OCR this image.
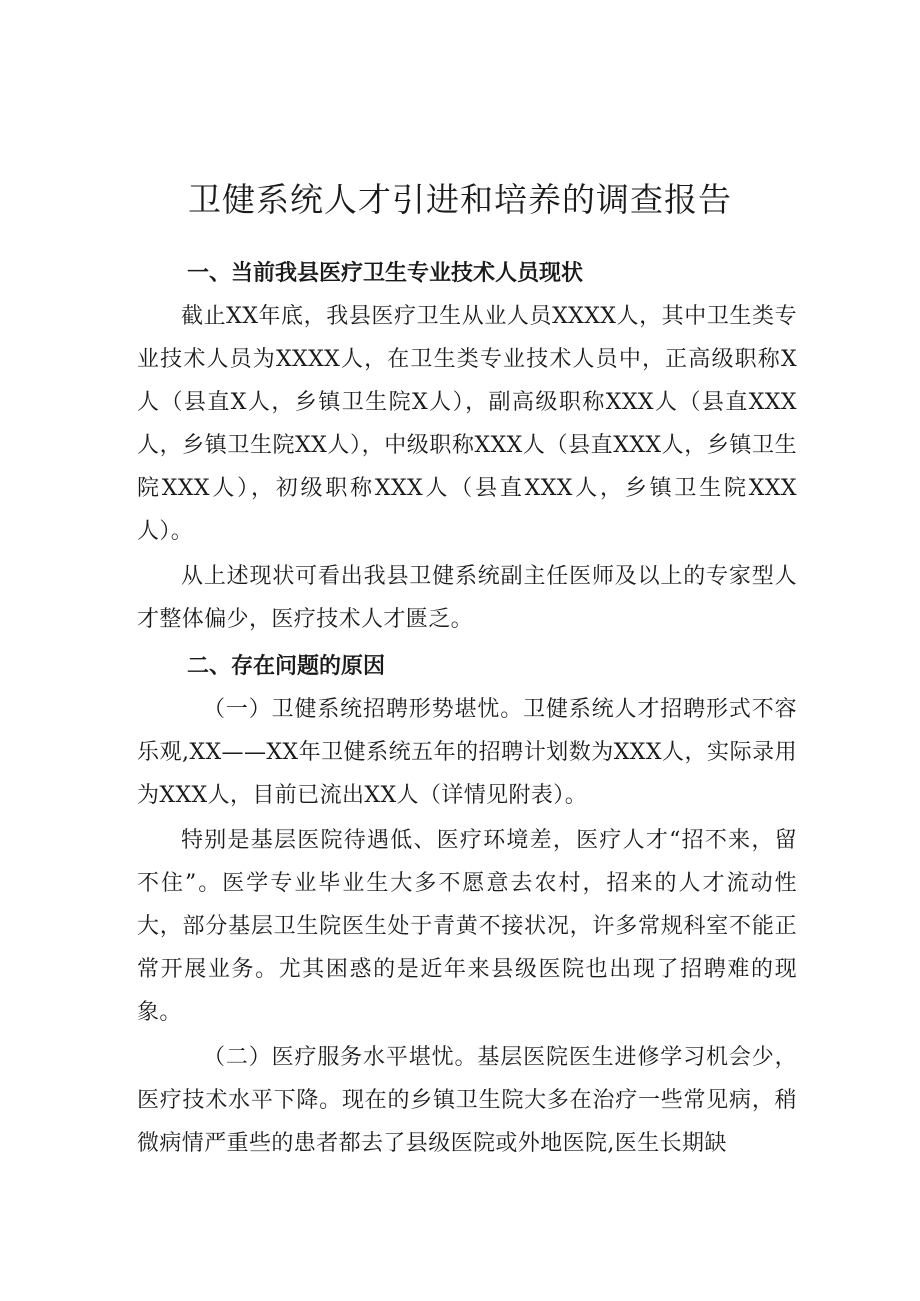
卫健系统人才引进和培养的调查报告
一、当前我县医疗卫生专业技术人员现状

截止XX年底，我县医疗卫生从业人员XXXX人，其中卫生类专业技术人员为XXXX人，在卫生类专业技术人员中，正高级职称X人（县直X人，乡镇卫生院X人），副高级职称XXX人（县直XXX人，乡镇卫生院XX人），中级职称XXX人（县直XXX人，乡镇卫生院XXX人），初级职称XXX人（县直XXX人，乡镇卫生院XXX人）。

从上述现状可看出我县卫健系统副主任医师及以上的专家型人才整体偏少，医疗技术人才匮乏。

二、存在问题的原因

（一）卫健系统招聘形势堪忧。卫健系统人才招聘形式不容乐观,XX——XX年卫健系统五年的招聘计划数为XXX人，实际录用为XXX人，目前已流出XX人（详情见附表）。

特别是基层医院待遇低、医疗环境差，医疗人才“招不来，留不住”。医学专业毕业生大多不愿意去农村，招来的人才流动性大，部分基层卫生院医生处于青黄不接状况，许多常规科室不能正常开展业务。尤其困惑的是近年来县级医院也出现了招聘难的现象。

（二）医疗服务水平堪忧。基层医院医生进修学习机会少，医疗技术水平下降。现在的乡镇卫生院大多在治疗一些常见病，稍微病情严重些的患者都去了县级医院或外地医院,医生长期缺
